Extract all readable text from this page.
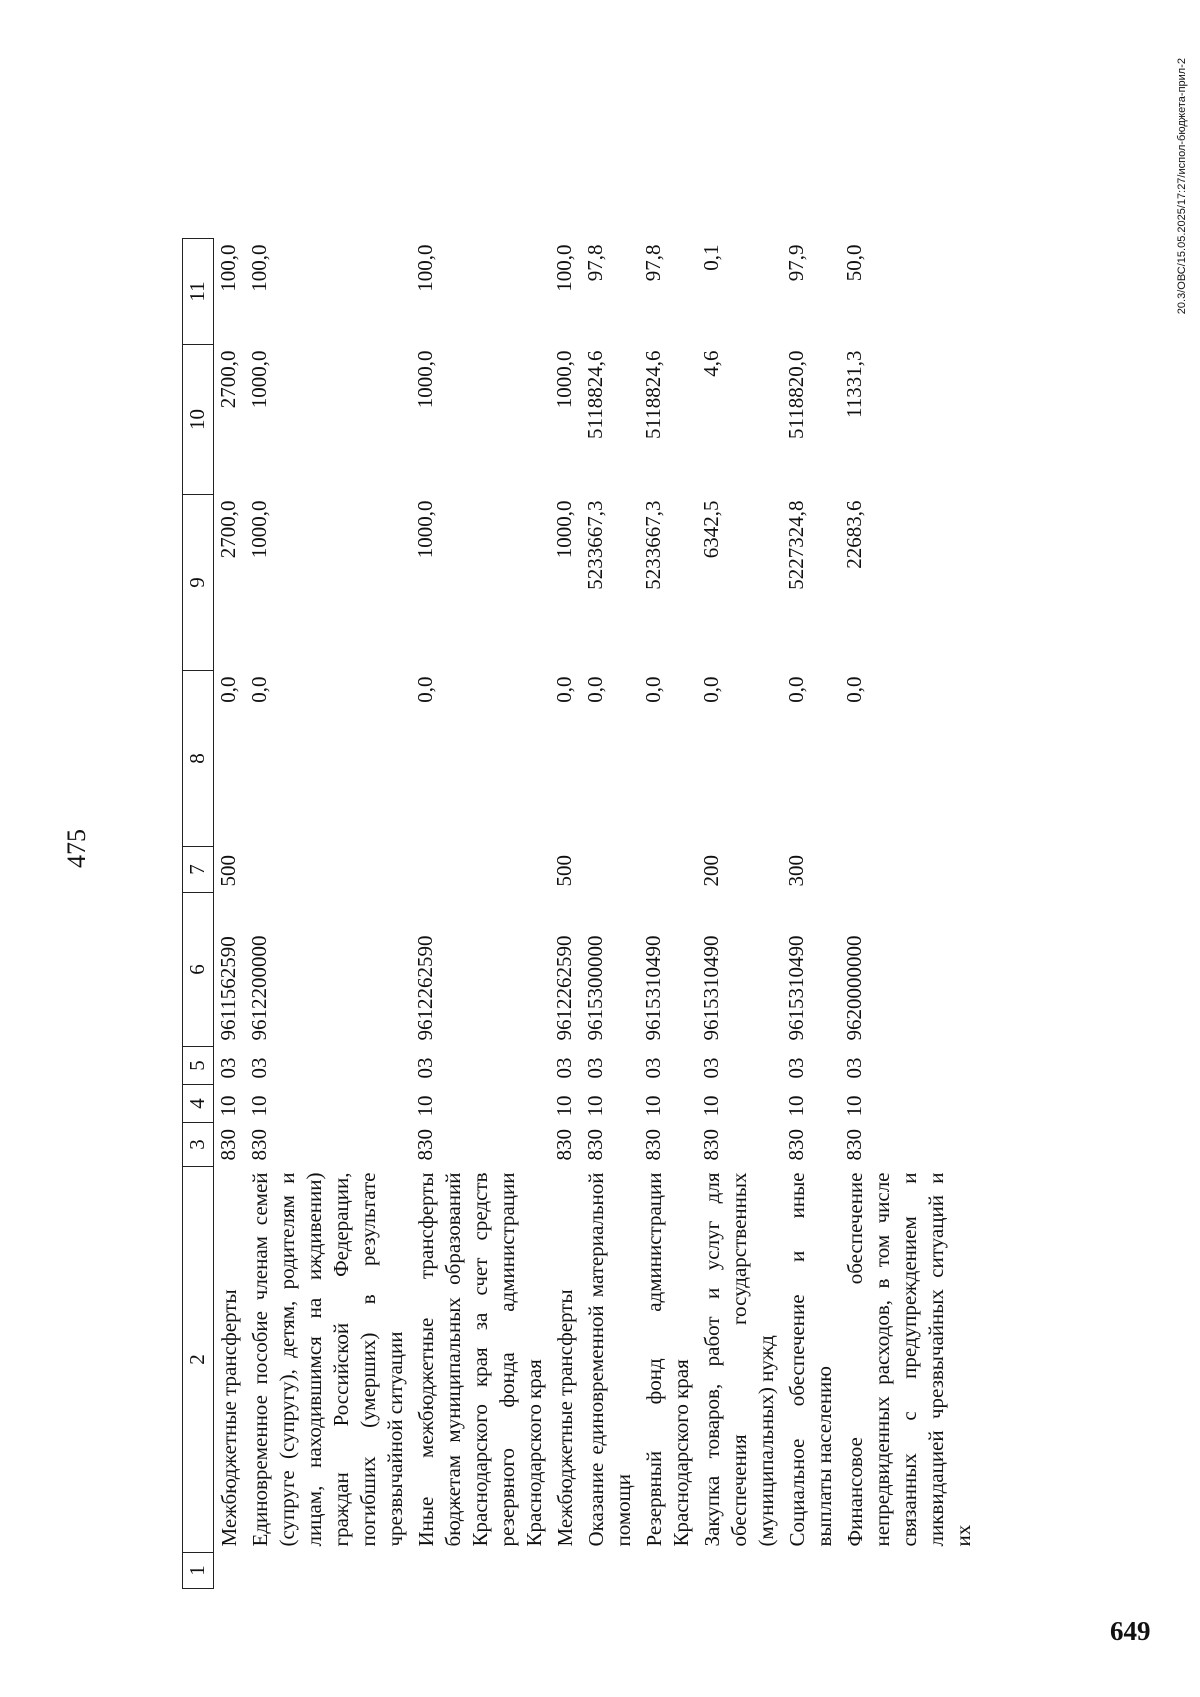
475
1	2	3	4	5	6	7	8	9	10	11
	Межбюджетные трансферты	830	10	03	9611562590	500	0,0	2700,0	2700,0	100,0
	Единовременное пособие членам семей (супруге (супругу), детям, родителям и лицам, находившимся на иждивении) граждан Российской Федерации, погибших (умерших) в результате чрезвычайной ситуации	830	10	03	9612200000		0,0	1000,0	1000,0	100,0
	Иные межбюджетные трансферты бюджетам муниципальных образований Краснодарского края за счет средств резервного фонда администрации Краснодарского края	830	10	03	9612262590		0,0	1000,0	1000,0	100,0
	Межбюджетные трансферты	830	10	03	9612262590	500	0,0	1000,0	1000,0	100,0
	Оказание единовременной материальной помощи	830	10	03	9615300000		0,0	5233667,3	5118824,6	97,8
	Резервный фонд администрации Краснодарского края	830	10	03	9615310490		0,0	5233667,3	5118824,6	97,8
	Закупка товаров, работ и услуг для обеспечения государственных (муниципальных) нужд	830	10	03	9615310490	200	0,0	6342,5	4,6	0,1
	Социальное обеспечение и иные выплаты населению	830	10	03	9615310490	300	0,0	5227324,8	5118820,0	97,9
	Финансовое обеспечение непредвиденных расходов, в том числе связанных с предупреждением и ликвидацией чрезвычайных ситуаций и их	830	10	03	9620000000		0,0	22683,6	11331,3	50,0	20.3/ОВС/15.05.2025/17:27/испол-бюджета-прил-2
649
